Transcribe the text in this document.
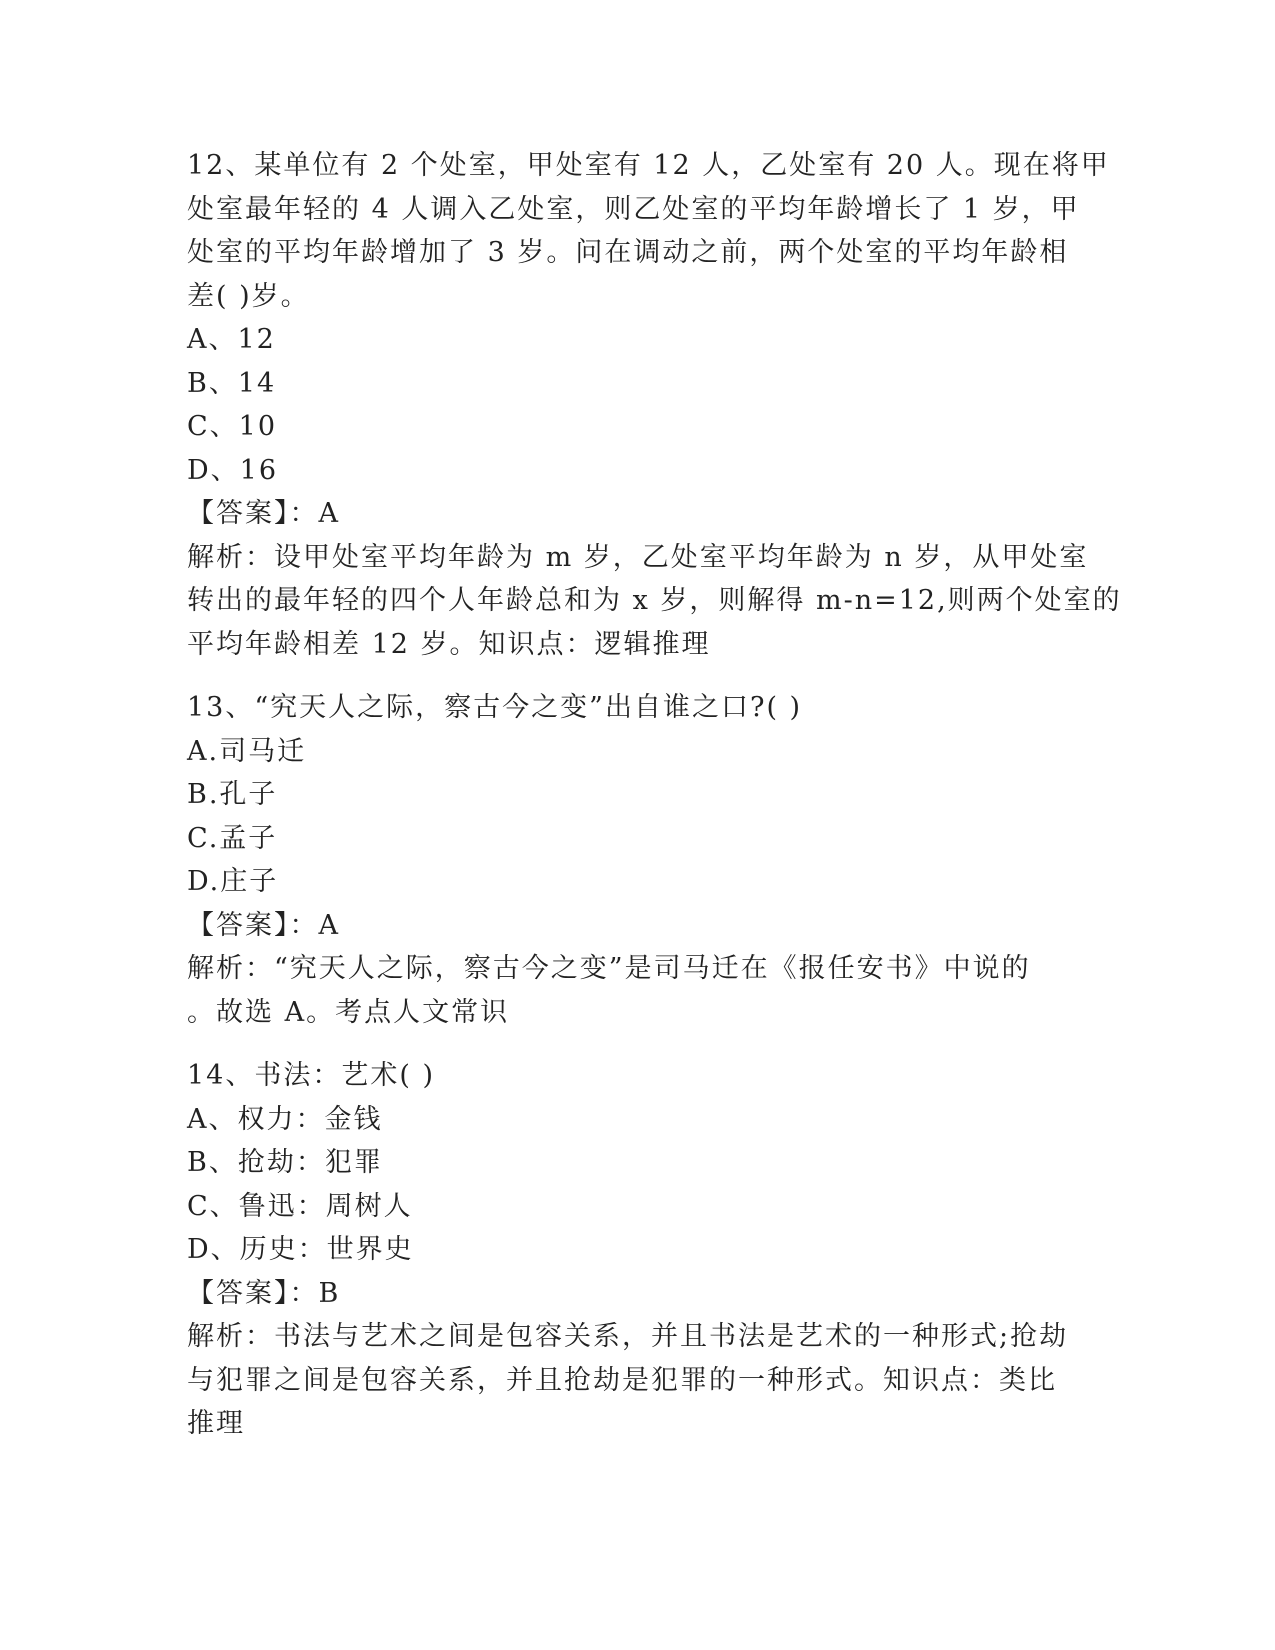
12、某单位有 2 个处室，甲处室有 12 人，乙处室有 20 人。现在将甲
处室最年轻的 4 人调入乙处室，则乙处室的平均年龄增长了 1 岁，甲
处室的平均年龄增加了 3 岁。问在调动之前，两个处室的平均年龄相
差( )岁。
A、12
B、14
C、10
D、16
【答案】：A
解析：设甲处室平均年龄为 m 岁，乙处室平均年龄为 n 岁，从甲处室
转出的最年轻的四个人年龄总和为 x 岁，则解得 m-n=12,则两个处室的
平均年龄相差 12 岁。知识点：逻辑推理
13、“究天人之际，察古今之变”出自谁之口?( )
A.司马迁
B.孔子
C.孟子
D.庄子
【答案】：A
解析：“究天人之际，察古今之变”是司马迁在《报任安书》中说的
。故选 A。考点人文常识
14、书法：艺术( )
A、权力：金钱
B、抢劫：犯罪
C、鲁迅：周树人
D、历史：世界史
【答案】：B
解析：书法与艺术之间是包容关系，并且书法是艺术的一种形式;抢劫
与犯罪之间是包容关系，并且抢劫是犯罪的一种形式。知识点：类比
推理
